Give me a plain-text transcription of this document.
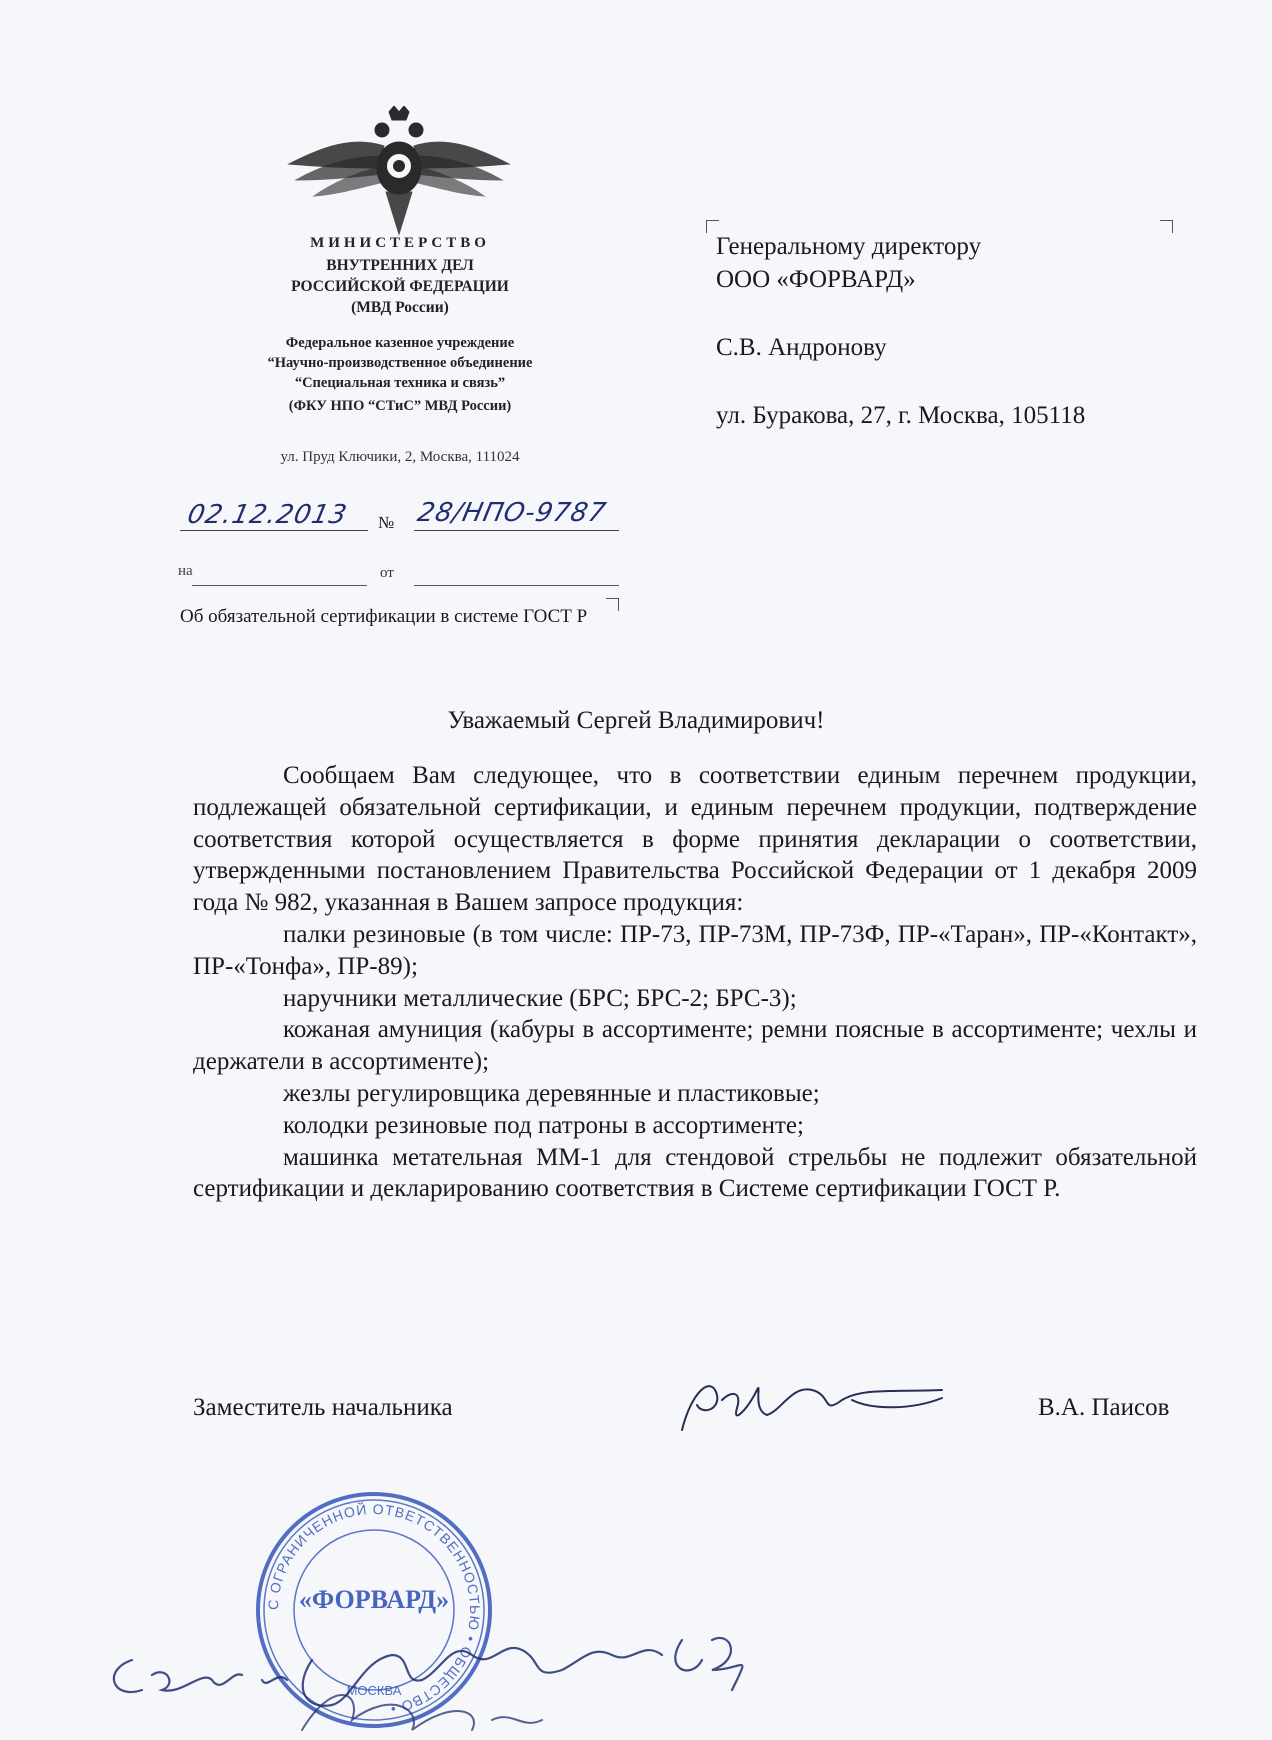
МИНИСТЕРСТВО
ВНУТРЕННИХ ДЕЛ
РОССИЙСКОЙ ФЕДЕРАЦИИ
(МВД России)
Федеральное казенное учреждение
“Научно-производственное объединение
“Специальная техника и связь”
(ФКУ НПО “СТиС” МВД России)
ул. Пруд Ключики, 2, Москва, 111024
02.12.2013 № 28/НПО-9787
на	от
Об обязательной сертификации в системе ГОСТ Р
Генеральному директору
ООО «ФОРВАРД»
С.В. Андронову
ул. Буракова, 27, г. Москва, 105118
Уважаемый Сергей Владимирович!

Сообщаем Вам следующее, что в соответствии единым перечнем продукции, подлежащей обязательной сертификации, и единым перечнем продукции, подтверждение соответствия которой осуществляется в форме принятия декларации о соответствии, утвержденными постановлением Правительства Российской Федерации от 1 декабря 2009 года № 982, указанная в Вашем запросе продукция:

палки резиновые (в том числе: ПР-73, ПР-73М, ПР-73Ф, ПР-«Таран», ПР-«Контакт», ПР-«Тонфа», ПР-89);

наручники металлические (БРС; БРС-2; БРС-3);

кожаная амуниция (кабуры в ассортименте; ремни поясные в ассортименте; чехлы и держатели в ассортименте);

жезлы регулировщика деревянные и пластиковые;

колодки резиновые под патроны в ассортименте;

машинка метательная ММ-1 для стендовой стрельбы не подлежит обязательной сертификации и декларированию соответствия в Системе сертификации ГОСТ Р.

Заместитель начальника	В.А. Паисов
С ОГРАНИЧЕННОЙ ОТВЕТСТВЕННОСТЬЮ • ОБЩЕСТВО •
«ФОРВАРД»
МОСКВА
